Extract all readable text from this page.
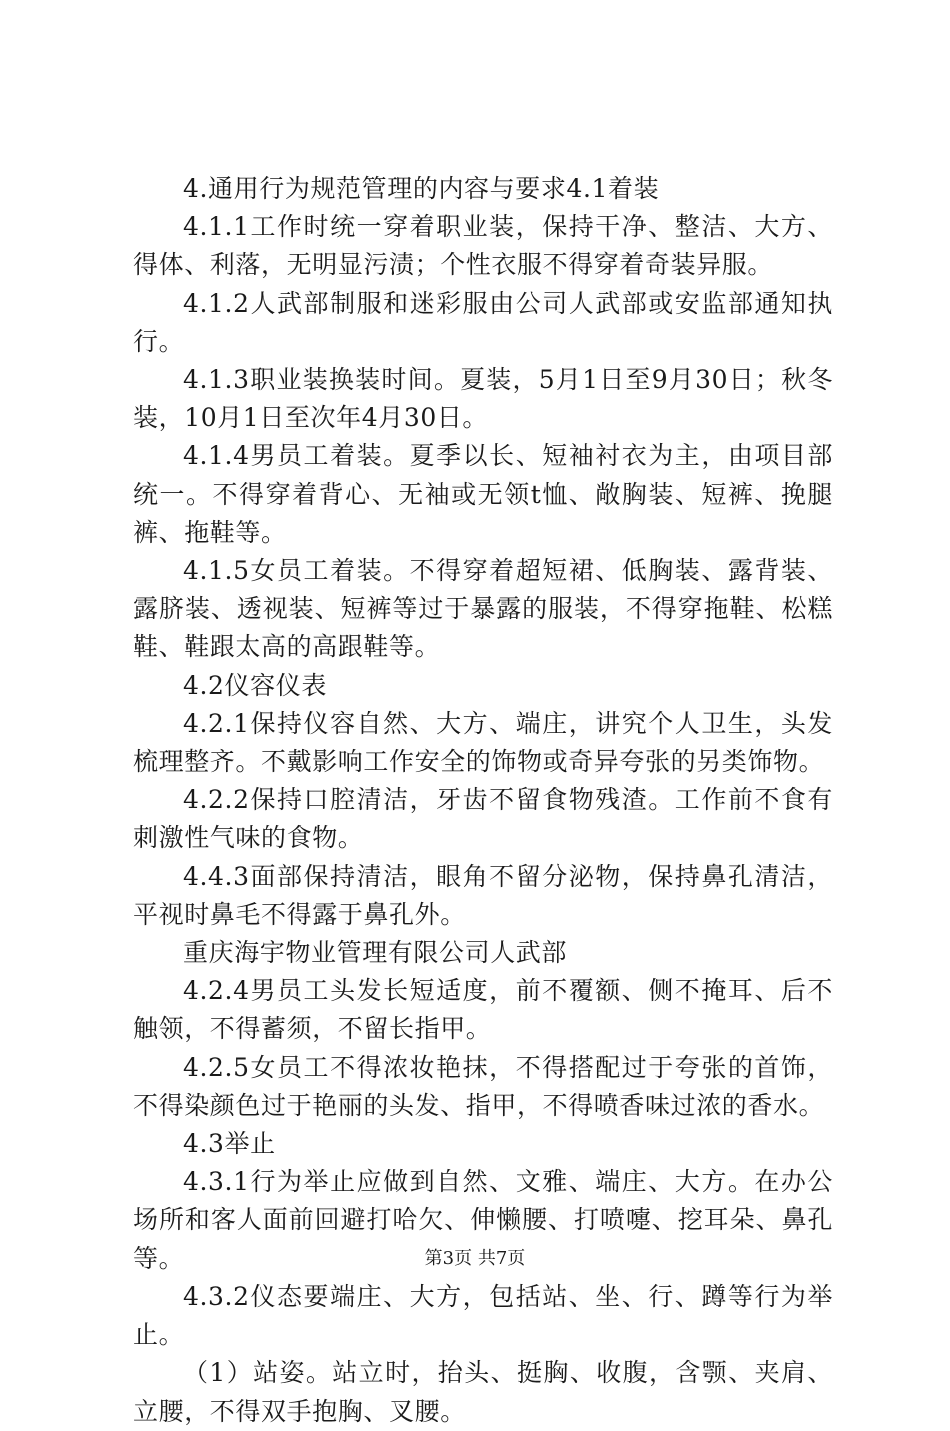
4.通用行为规范管理的内容与要求4.1着装

4.1.1工作时统一穿着职业装，保持干净、整洁、大方、得体、利落，无明显污渍；个性衣服不得穿着奇装异服。

4.1.2人武部制服和迷彩服由公司人武部或安监部通知执行。

4.1.3职业装换装时间。夏装，5月1日至9月30日；秋冬装，10月1日至次年4月30日。

4.1.4男员工着装。夏季以长、短袖衬衣为主，由项目部统一。不得穿着背心、无袖或无领t恤、敞胸装、短裤、挽腿裤、拖鞋等。

4.1.5女员工着装。不得穿着超短裙、低胸装、露背装、露脐装、透视装、短裤等过于暴露的服装，不得穿拖鞋、松糕鞋、鞋跟太高的高跟鞋等。

4.2仪容仪表

4.2.1保持仪容自然、大方、端庄，讲究个人卫生，头发梳理整齐。不戴影响工作安全的饰物或奇异夸张的另类饰物。

4.2.2保持口腔清洁，牙齿不留食物残渣。工作前不食有刺激性气味的食物。

4.4.3面部保持清洁，眼角不留分泌物，保持鼻孔清洁，平视时鼻毛不得露于鼻孔外。

重庆海宇物业管理有限公司人武部

4.2.4男员工头发长短适度，前不覆额、侧不掩耳、后不触领，不得蓄须，不留长指甲。

4.2.5女员工不得浓妆艳抹，不得搭配过于夸张的首饰，不得染颜色过于艳丽的头发、指甲，不得喷香味过浓的香水。

4.3举止

4.3.1行为举止应做到自然、文雅、端庄、大方。在办公场所和客人面前回避打哈欠、伸懒腰、打喷嚏、挖耳朵、鼻孔等。

4.3.2仪态要端庄、大方，包括站、坐、行、蹲等行为举止。

（1）站姿。站立时，抬头、挺胸、收腹，含颚、夹肩、立腰，不得双手抱胸、叉腰。

第3页 共7页
